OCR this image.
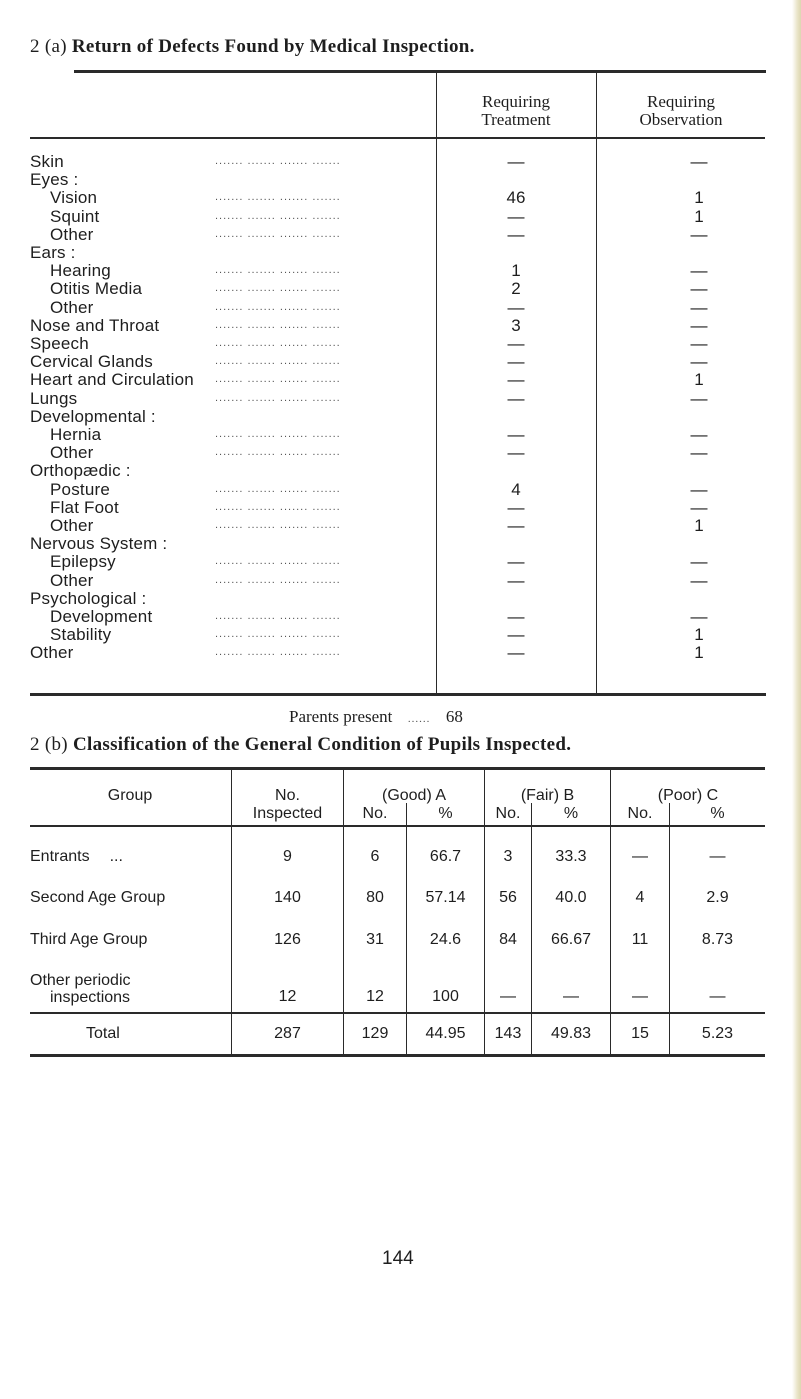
2 (a) Return of Defects Found by Medical Inspection.
Requiring
Treatment
Requiring
Observation
Skin	....... ....... ....... .......	—	—
Eyes :
Vision	....... ....... ....... .......	46	1
Squint	....... ....... ....... .......	—	1
Other	....... ....... ....... .......	—	—
Ears :
Hearing	....... ....... ....... .......	1	—
Otitis Media	....... ....... ....... .......	2	—
Other	....... ....... ....... .......	—	—
Nose and Throat	....... ....... ....... .......	3	—
Speech	....... ....... ....... .......	—	—
Cervical Glands	....... ....... ....... .......	—	—
Heart and Circulation ....... ....... ....... .......	—	1
Lungs	....... ....... ....... .......	—	—
Developmental :
Hernia	....... ....... ....... .......	—	—
Other	....... ....... ....... .......	—	—
Orthopædic :
Posture	....... ....... ....... .......	4	—
Flat Foot	....... ....... ....... .......	—	—
Other	....... ....... ....... .......	—	1
Nervous System :
Epilepsy	....... ....... ....... .......	—	—
Other	....... ....... ....... .......	—	—
Psychological :
Development	....... ....... ....... .......	—	—
Stability	....... ....... ....... .......	—	1
Other	....... ....... ....... .......	—	1
Parents present    ......    68
2 (b) Classification of the General Condition of Pupils Inspected.
Group	No.
Inspected
(Good) A	(Fair) B	(Poor) C
No.	%	No.	%	No.	%
Entrants ...	9	6	66.7	3	33.3	—	—
Second Age Group	140	80	57.14	56	40.0	4	2.9
Third Age Group	126	31	24.6	84	66.67	11	8.73
Other periodic
inspections	12	12	100	—	—	—	—
Total	287	129	44.95	143	49.83	15	5.23
144
